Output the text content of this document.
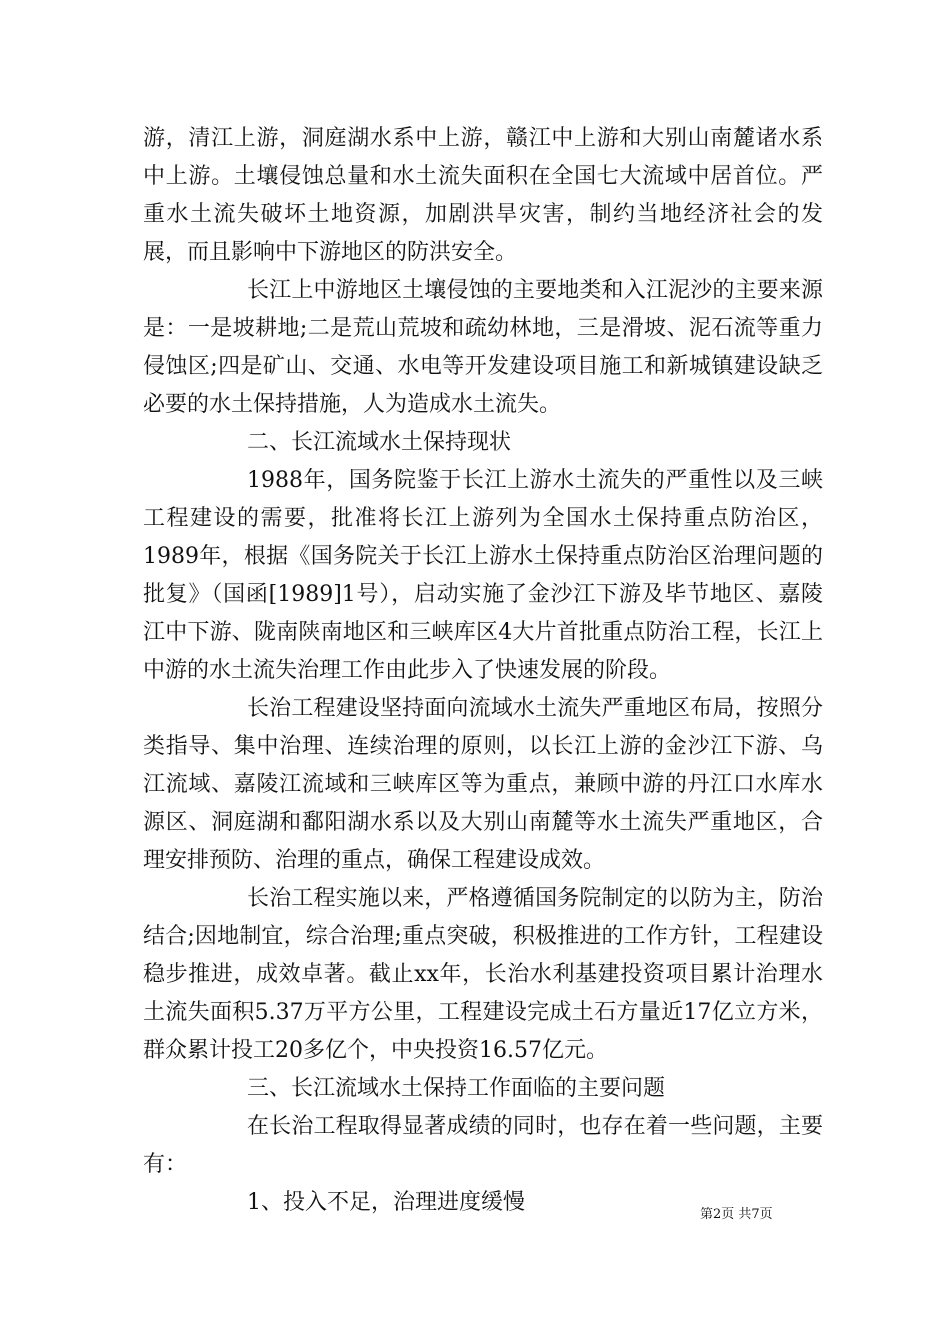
游，清江上游，洞庭湖水系中上游，赣江中上游和大别山南麓诸水系中上游。土壤侵蚀总量和水土流失面积在全国七大流域中居首位。严重水土流失破坏土地资源，加剧洪旱灾害，制约当地经济社会的发展，而且影响中下游地区的防洪安全。

长江上中游地区土壤侵蚀的主要地类和入江泥沙的主要来源是：一是坡耕地;二是荒山荒坡和疏幼林地，三是滑坡、泥石流等重力侵蚀区;四是矿山、交通、水电等开发建设项目施工和新城镇建设缺乏必要的水土保持措施，人为造成水土流失。

二、长江流域水土保持现状

1988年，国务院鉴于长江上游水土流失的严重性以及三峡工程建设的需要，批准将长江上游列为全国水土保持重点防治区，1989年，根据《国务院关于长江上游水土保持重点防治区治理问题的批复》（国函[1989]1号），启动实施了金沙江下游及毕节地区、嘉陵江中下游、陇南陕南地区和三峡库区4大片首批重点防治工程，长江上中游的水土流失治理工作由此步入了快速发展的阶段。

长治工程建设坚持面向流域水土流失严重地区布局，按照分类指导、集中治理、连续治理的原则，以长江上游的金沙江下游、乌江流域、嘉陵江流域和三峡库区等为重点，兼顾中游的丹江口水库水源区、洞庭湖和鄱阳湖水系以及大别山南麓等水土流失严重地区，合理安排预防、治理的重点，确保工程建设成效。

长治工程实施以来，严格遵循国务院制定的以防为主，防治结合;因地制宜，综合治理;重点突破，积极推进的工作方针，工程建设稳步推进，成效卓著。截止xx年，长治水利基建投资项目累计治理水土流失面积5.37万平方公里，工程建设完成土石方量近17亿立方米，群众累计投工20多亿个，中央投资16.57亿元。

三、长江流域水土保持工作面临的主要问题

在长治工程取得显著成绩的同时，也存在着一些问题，主要有：

1、投入不足，治理进度缓慢	第2页 共7页
